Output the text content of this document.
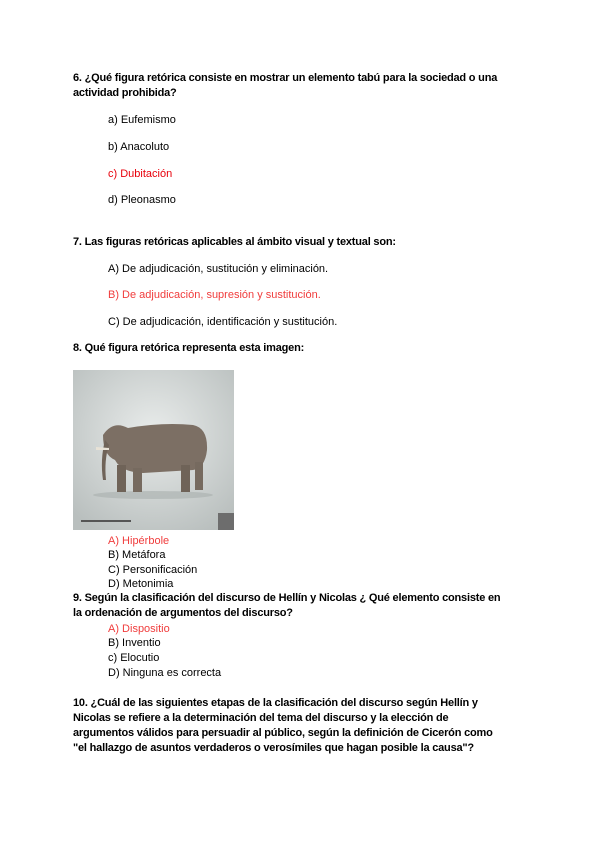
6. ¿Qué figura retórica consiste en mostrar un elemento tabú para la sociedad o una
actividad prohibida?
a) Eufemismo
b) Anacoluto
c) Dubitación
d) Pleonasmo
7. Las figuras retóricas aplicables al ámbito visual y textual son:
A) De adjudicación, sustitución y eliminación.
B) De adjudicación, supresión y sustitución.
C) De adjudicación, identificación y sustitución.
8. Qué figura retórica representa esta imagen:
A) Hipérbole
B) Metáfora
C) Personificación
D) Metonimia
9. Según la clasificación del discurso de Hellín y Nicolas ¿ Qué elemento consiste en
la ordenación de argumentos del discurso?
A) Dispositio
B) Inventio
c) Elocutio
D) Ninguna es correcta
10. ¿Cuál de las siguientes etapas de la clasificación del discurso según Hellín y
Nicolas se refiere a la determinación del tema del discurso y la elección de
argumentos válidos para persuadir al público, según la definición de Cicerón como
"el hallazgo de asuntos verdaderos o verosímiles que hagan posible la causa"?
